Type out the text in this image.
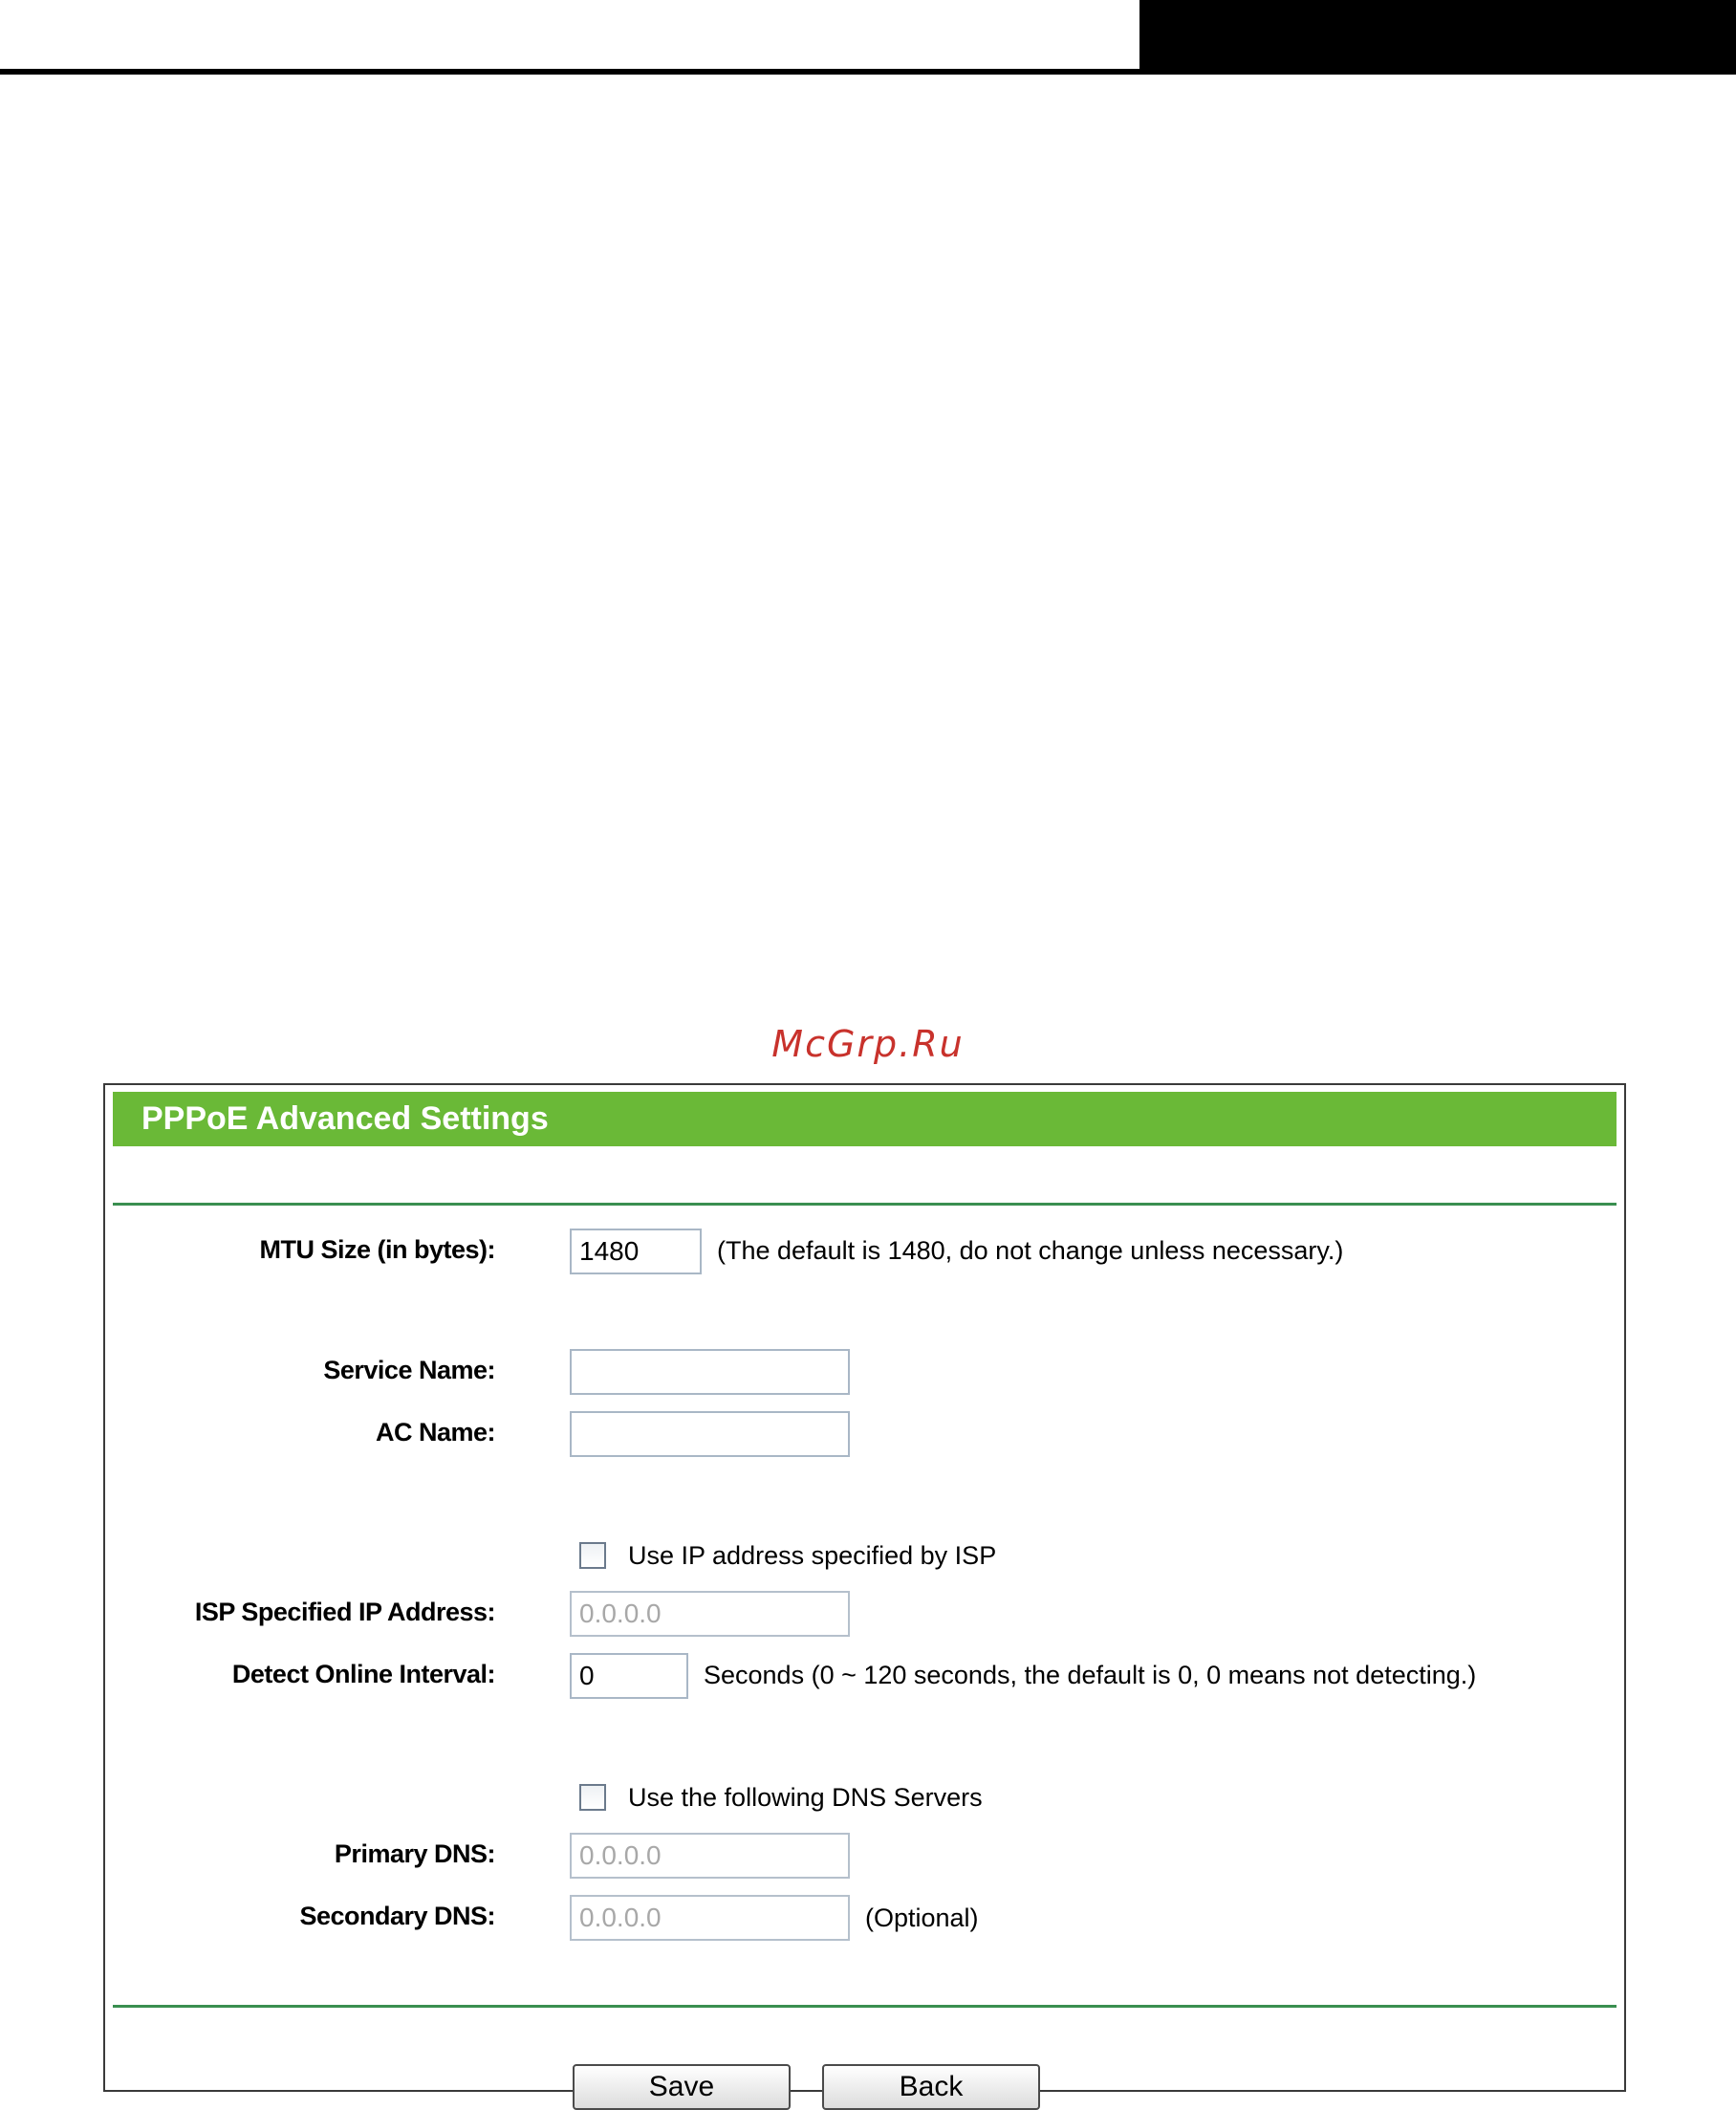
McGrp.Ru
PPPoE Advanced Settings
MTU Size (in bytes):	1480	(The default is 1480, do not change unless necessary.)
Service Name:
AC Name:
Use IP address specified by ISP
ISP Specified IP Address:	0.0.0.0
Detect Online Interval:	0	Seconds (0 ~ 120 seconds, the default is 0, 0 means not detecting.)
Use the following DNS Servers
Primary DNS:	0.0.0.0
Secondary DNS:	0.0.0.0	(Optional)
Save	Back
